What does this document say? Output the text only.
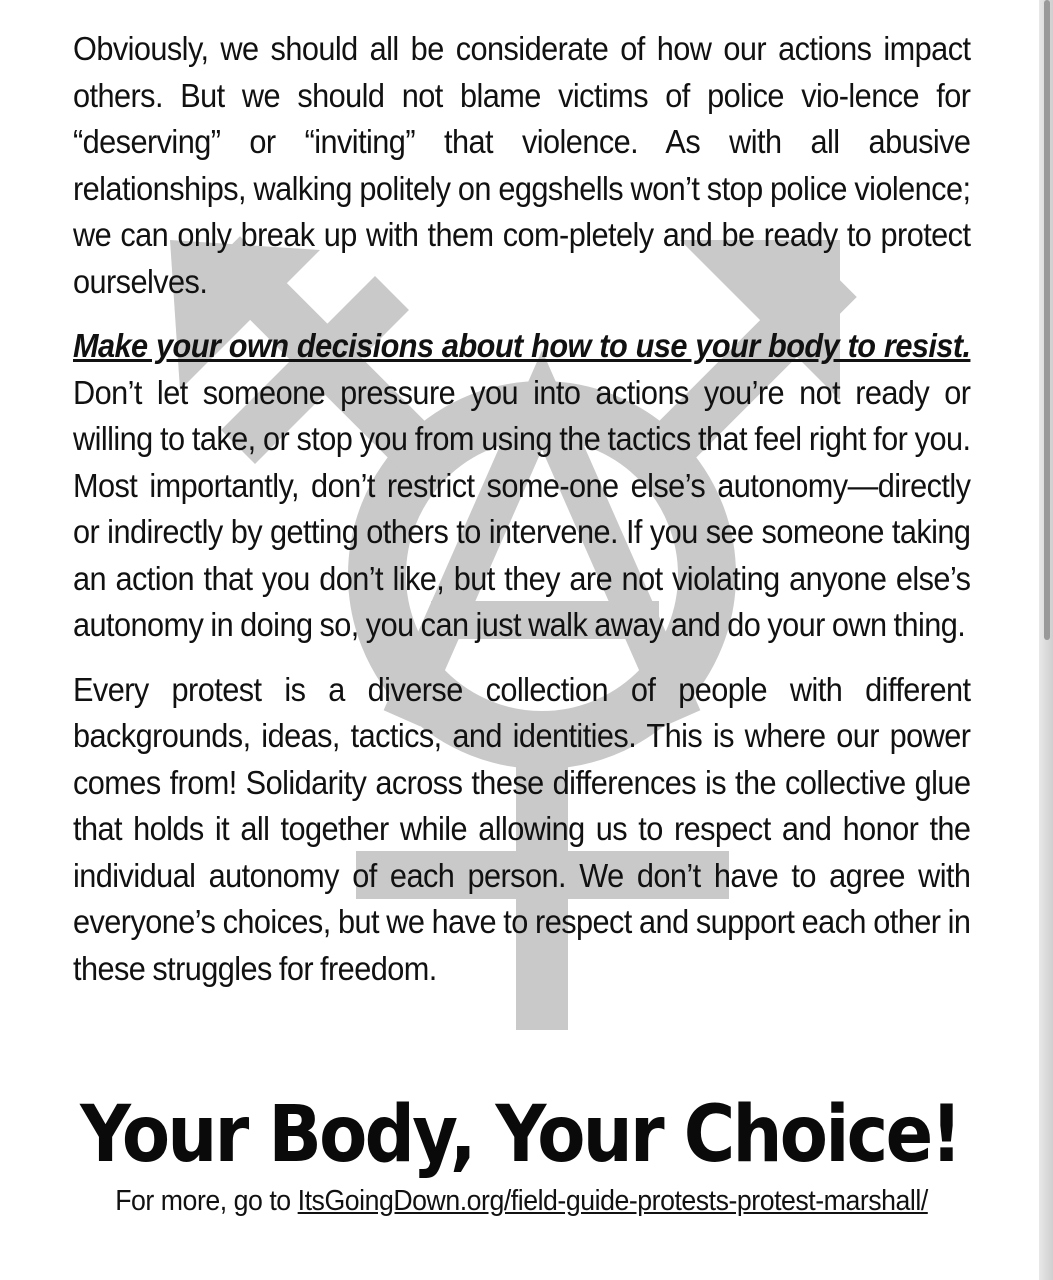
Obviously, we should all be considerate of how our actions impact others. But we should not blame victims of police vio-lence for “deserving” or “inviting” that violence. As with all abusive relationships, walking politely on eggshells won’t stop police violence; we can only break up with them com-pletely and be ready to protect ourselves.

Make your own decisions about how to use your body to resist. Don’t let someone pressure you into actions you’re not ready or willing to take, or stop you from using the tactics that feel right for you. Most importantly, don’t restrict some-one else’s autonomy—directly or indirectly by getting others to intervene. If you see someone taking an action that you don’t like, but they are not violating anyone else’s autonomy in doing so, you can just walk away and do your own thing.

Every protest is a diverse collection of people with different backgrounds, ideas, tactics, and identities. This is where our power comes from! Solidarity across these differences is the collective glue that holds it all together while allowing us to respect and honor the individual autonomy of each person. We don’t have to agree with everyone’s choices, but we have to respect and support each other in these struggles for freedom.

Your Body, Your Choice!
For more, go to ItsGoingDown.org/field-guide-protests-protest-marshall/
